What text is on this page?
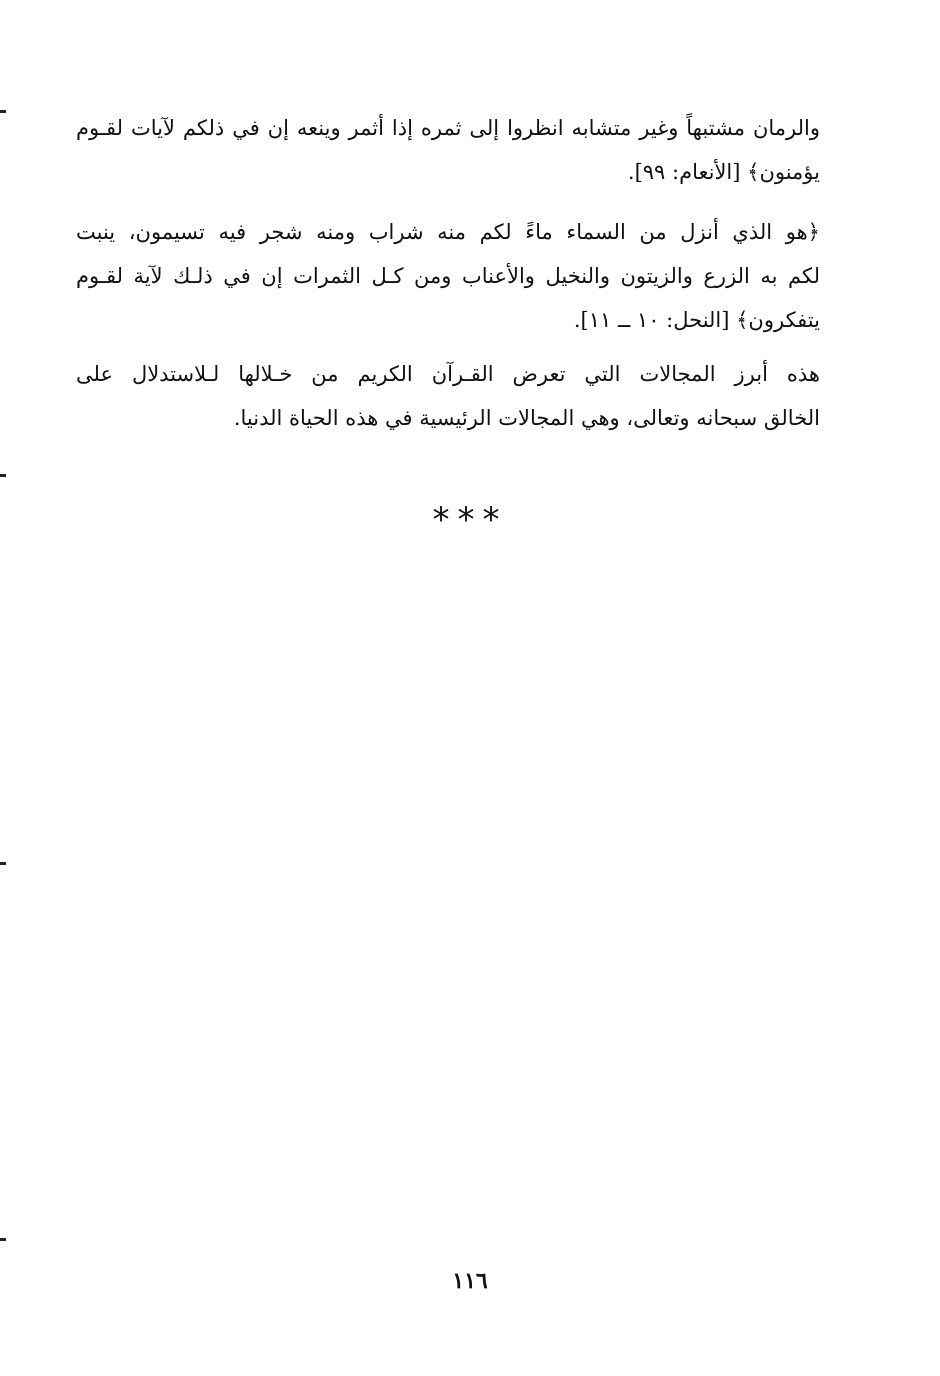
والرمان مشتبهاً وغير متشابه انظروا إلى ثمره إذا أثمر وينعه إن في ذلكم لآيات لقـوم
يؤمنون﴾ [الأنعام: ٩٩].
﴿هو الذي أنزل من السماء ماءً لكم منه شراب ومنه شجر فيه تسيمون، ينبت
لكم به الزرع والزيتون والنخيل والأعناب ومن كـل الثمرات إن في ذلـك لآية لقـوم
يتفكرون﴾ [النحل: ١٠ ــ ١١].
هذه أبرز المجالات التي تعرض القـرآن الكريم من خـلالها لـلاستدلال على
الخالق سبحانه وتعالى، وهي المجالات الرئيسية في هذه الحياة الدنيا.
***
١١٦
